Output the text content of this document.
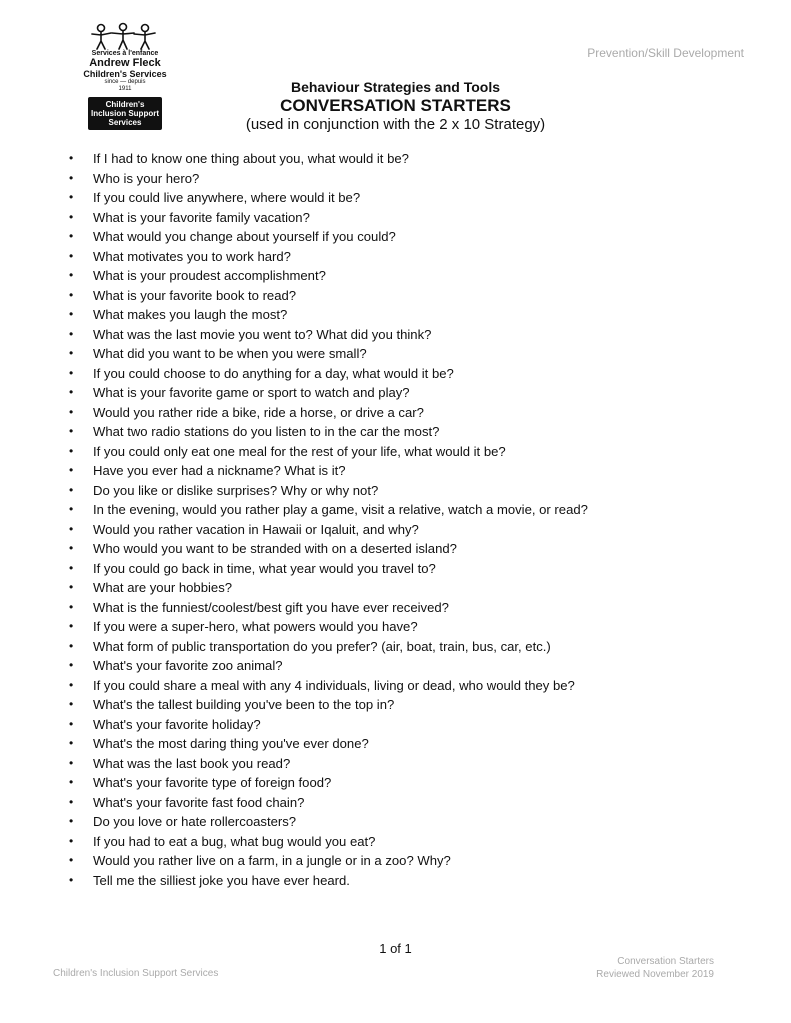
Services à l'enfance
Andrew Fleck
Children's Services
since — depuis
1911
Children's Inclusion Support Services
Prevention/Skill Development
Behaviour Strategies and Tools
CONVERSATION STARTERS
(used in conjunction with the 2 x 10 Strategy)
• If I had to know one thing about you, what would it be?
• Who is your hero?
• If you could live anywhere, where would it be?
• What is your favorite family vacation?
• What would you change about yourself if you could?
• What motivates you to work hard?
• What is your proudest accomplishment?
• What is your favorite book to read?
• What makes you laugh the most?
• What was the last movie you went to? What did you think?
• What did you want to be when you were small?
• If you could choose to do anything for a day, what would it be?
• What is your favorite game or sport to watch and play?
• Would you rather ride a bike, ride a horse, or drive a car?
• What two radio stations do you listen to in the car the most?
• If you could only eat one meal for the rest of your life, what would it be?
• Have you ever had a nickname? What is it?
• Do you like or dislike surprises? Why or why not?
• In the evening, would you rather play a game, visit a relative, watch a movie, or read?
• Would you rather vacation in Hawaii or Iqaluit, and why?
• Who would you want to be stranded with on a deserted island?
• If you could go back in time, what year would you travel to?
• What are your hobbies?
• What is the funniest/coolest/best gift you have ever received?
• If you were a super-hero, what powers would you have?
• What form of public transportation do you prefer? (air, boat, train, bus, car, etc.)
• What's your favorite zoo animal?
• If you could share a meal with any 4 individuals, living or dead, who would they be?
• What's the tallest building you've been to the top in?
• What's your favorite holiday?
• What's the most daring thing you've ever done?
• What was the last book you read?
• What's your favorite type of foreign food?
• What's your favorite fast food chain?
• Do you love or hate rollercoasters?
• If you had to eat a bug, what bug would you eat?
• Would you rather live on a farm, in a jungle or in a zoo? Why?
• Tell me the silliest joke you have ever heard.
1 of 1
Children's Inclusion Support Services
Conversation Starters
Reviewed November 2019
